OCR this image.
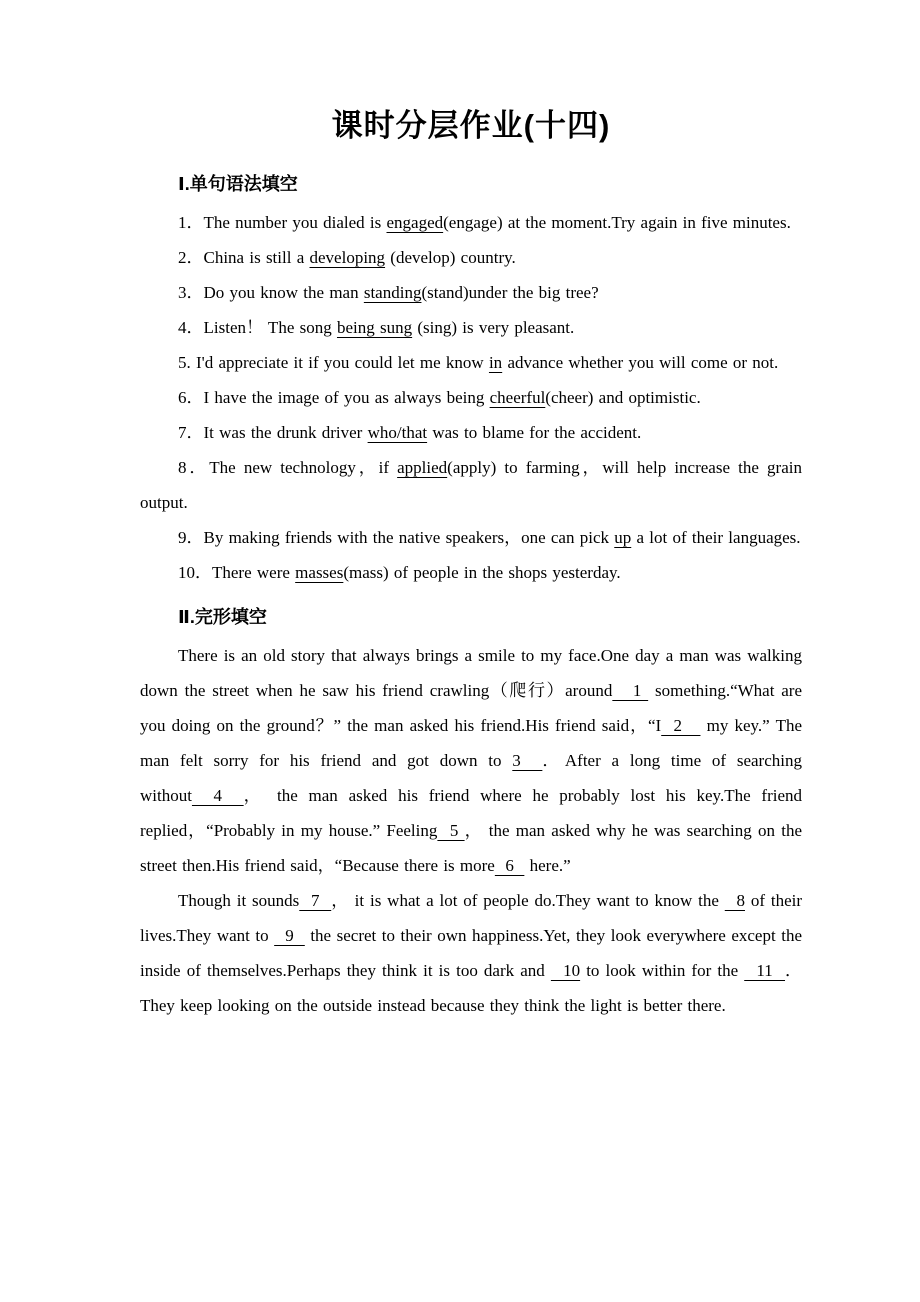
课时分层作业(十四)
Ⅰ.单句语法填空

1．The number you dialed is engaged(engage) at the moment.Try again in five minutes.

2．China is still a developing (develop) country.

3．Do you know the man standing(stand)under the big tree?

4．Listen！ The song being sung (sing) is very pleasant.

5. I'd appreciate it if you could let me know in advance whether you will come or not.

6．I have the image of you as always being cheerful(cheer) and optimistic.

7．It was the drunk driver who/that was to blame for the accident.

8．The new technology，if applied(apply) to farming，will help increase the grain output.

9．By making friends with the native speakers，one can pick up a lot of their languages.

10．There were masses(mass) of people in the shops yesterday.

Ⅱ.完形填空

There is an old story that always brings a smile to my face.One day a man was walking down the street when he saw his friend crawling（爬行）around   1  something.“What are you doing on the ground？” the man asked his friend.His friend said，“I  2    my key.” The man felt sorry for his friend and got down to 3  ．After a long time of searching without  4  ， the man asked his friend where he probably lost his key.The friend replied，“Probably in my house.” Feeling  5 ， the man asked why he was searching on the street then.His friend said，“Because there is more  6   here.”

Though it sounds  7  ， it is what a lot of people do.They want to know the   8 of their lives.They want to   9   the secret to their own happiness.Yet, they look everywhere except the inside of themselves.Perhaps they think it is too dark and   10 to look within for the   11  ．They keep looking on the outside instead because they think the light is better there.
